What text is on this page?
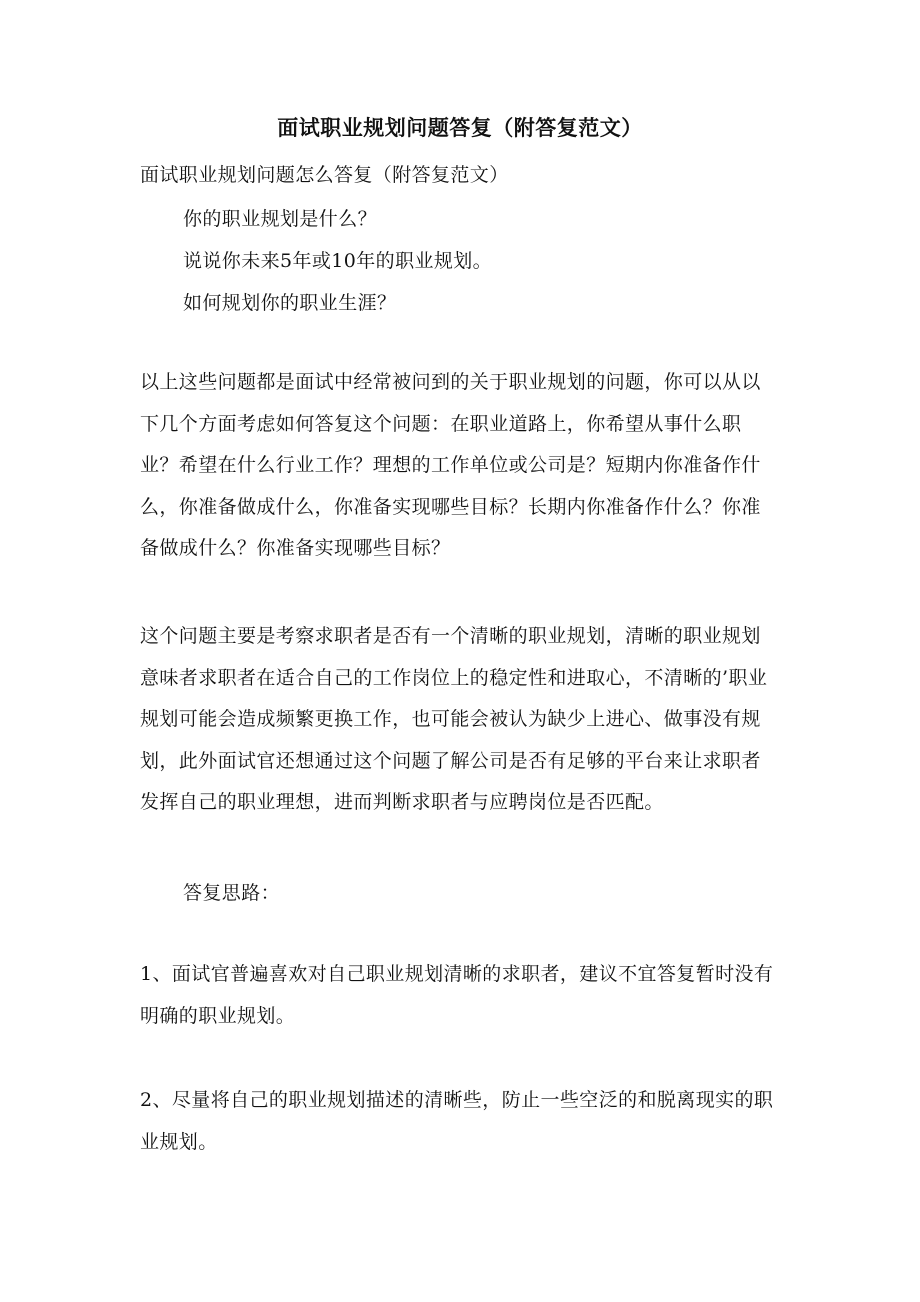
面试职业规划问题答复（附答复范文）
面试职业规划问题怎么答复（附答复范文）
你的职业规划是什么？
说说你未来5年或10年的职业规划。
如何规划你的职业生涯？
以上这些问题都是面试中经常被问到的关于职业规划的问题，你可以从以下几个方面考虑如何答复这个问题：在职业道路上，你希望从事什么职业？希望在什么行业工作？理想的工作单位或公司是？短期内你准备作什么，你准备做成什么，你准备实现哪些目标？长期内你准备作什么？你准备做成什么？你准备实现哪些目标？
这个问题主要是考察求职者是否有一个清晰的职业规划，清晰的职业规划意味者求职者在适合自己的工作岗位上的稳定性和进取心，不清晰的’职业规划可能会造成频繁更换工作，也可能会被认为缺少上进心、做事没有规划，此外面试官还想通过这个问题了解公司是否有足够的平台来让求职者发挥自己的职业理想，进而判断求职者与应聘岗位是否匹配。
答复思路：
1、面试官普遍喜欢对自己职业规划清晰的求职者，建议不宜答复暂时没有明确的职业规划。
2、尽量将自己的职业规划描述的清晰些，防止一些空泛的和脱离现实的职业规划。
